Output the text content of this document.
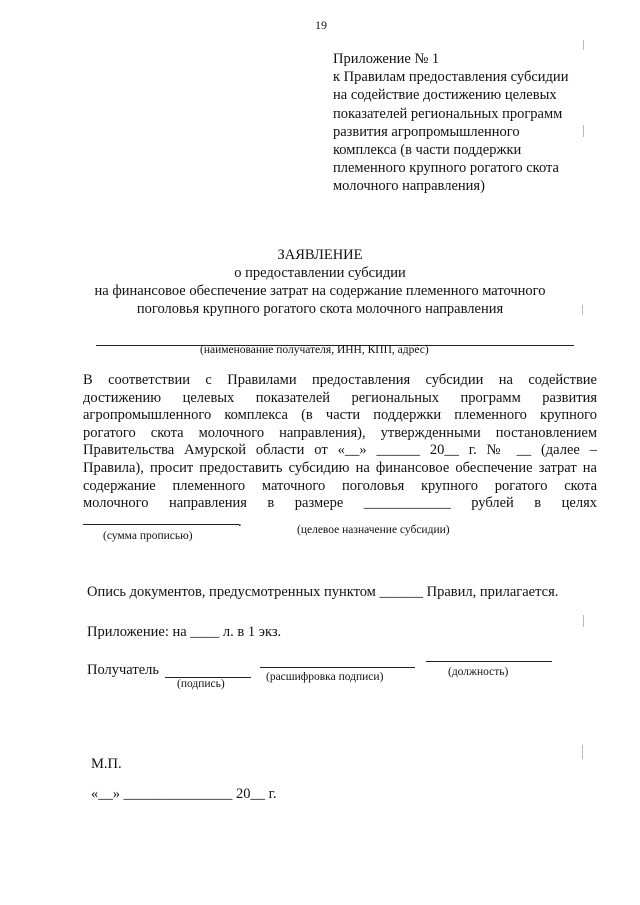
19
Приложение № 1
к Правилам предоставления субсидии
на содействие достижению целевых
показателей региональных программ
развития агропромышленного
комплекса (в части поддержки
племенного крупного рогатого скота
молочного направления)
ЗАЯВЛЕНИЕ
о предоставлении субсидии
на финансовое обеспечение затрат на содержание племенного маточного
поголовья крупного рогатого скота молочного направления
(наименование получателя, ИНН, КПП, адрес)
В соответствии с Правилами предоставления субсидии на содействие
достижению целевых показателей региональных программ развития
агропромышленного комплекса (в части поддержки племенного крупного
рогатого скота молочного направления), утвержденными постановлением
Правительства Амурской области от «__» ______ 20__ г. № __ (далее –
Правила), просит предоставить субсидию на финансовое обеспечение затрат на
содержание племенного маточного поголовья крупного рогатого скота
молочного направления в размере ____________ рублей в целях
.
(сумма прописью)	(целевое назначение субсидии)
Опись документов, предусмотренных пунктом ______ Правил, прилагается.
Приложение: на ____ л. в 1 экз.
Получатель
(подпись)
(расшифровка подписи)	(должность)
М.П.
«__» _______________ 20__ г.
